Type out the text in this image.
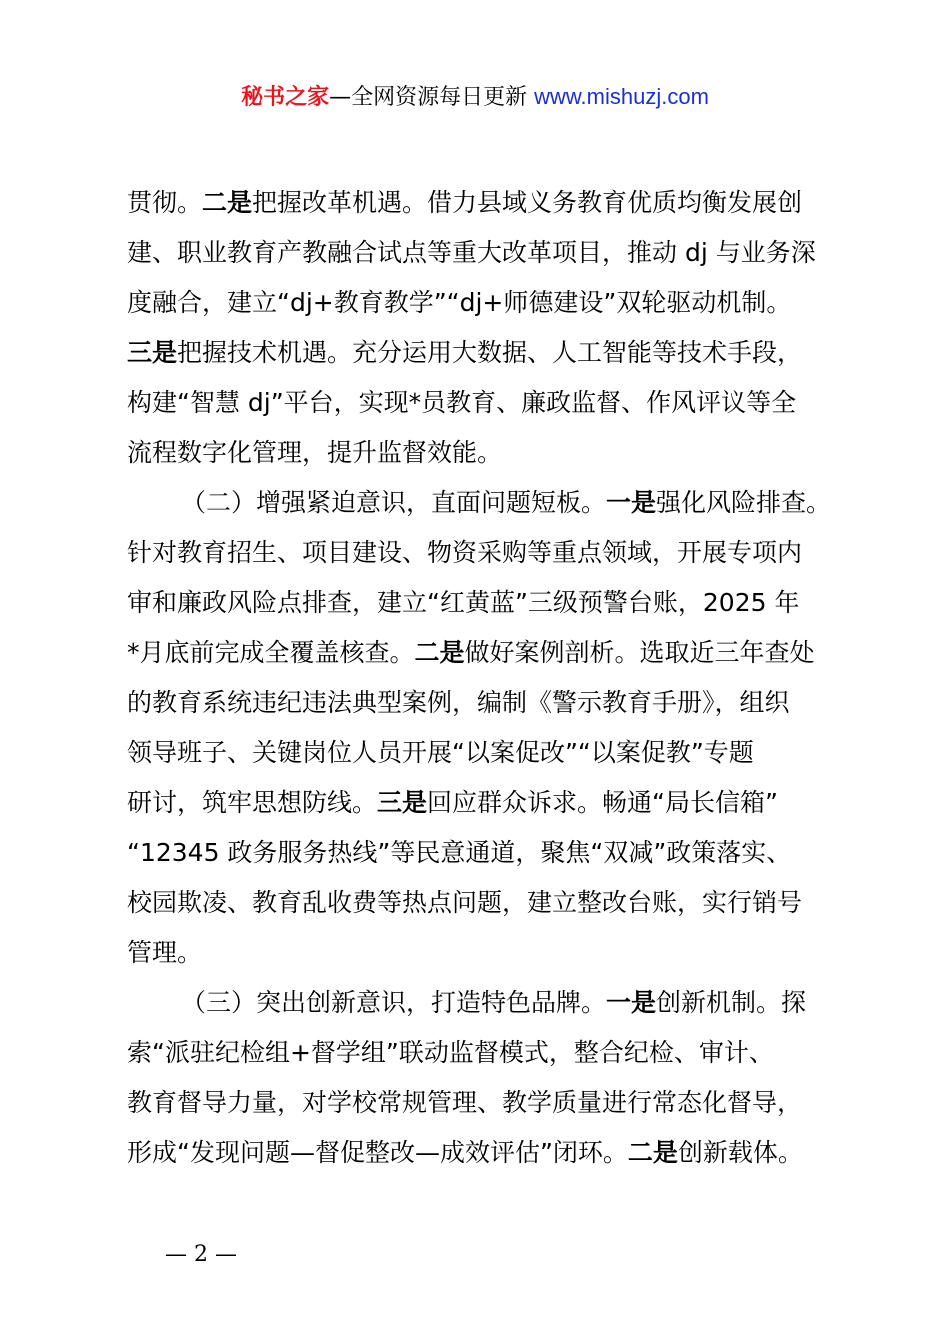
秘书之家—全网资源每日更新 www.mishuzj.com
贯彻。二是把握改革机遇。借力县域义务教育优质均衡发展创
建、职业教育产教融合试点等重大改革项目，推动 dj 与业务深
度融合，建立“dj+教育教学”“dj+师德建设”双轮驱动机制。
三是把握技术机遇。充分运用大数据、人工智能等技术手段，
构建“智慧 dj”平台，实现*员教育、廉政监督、作风评议等全
流程数字化管理，提升监督效能。
（二）增强紧迫意识，直面问题短板。一是强化风险排查。
针对教育招生、项目建设、物资采购等重点领域，开展专项内
审和廉政风险点排查，建立“红黄蓝”三级预警台账，2025 年
*月底前完成全覆盖核查。二是做好案例剖析。选取近三年查处
的教育系统违纪违法典型案例，编制《警示教育手册》，组织
领导班子、关键岗位人员开展“以案促改”“以案促教”专题
研讨，筑牢思想防线。三是回应群众诉求。畅通“局长信箱”
“12345 政务服务热线”等民意通道，聚焦“双减”政策落实、
校园欺凌、教育乱收费等热点问题，建立整改台账，实行销号
管理。
（三）突出创新意识，打造特色品牌。一是创新机制。探
索“派驻纪检组+督学组”联动监督模式，整合纪检、审计、
教育督导力量，对学校常规管理、教学质量进行常态化督导，
形成“发现问题—督促整改—成效评估”闭环。二是创新载体。
— 2 —
